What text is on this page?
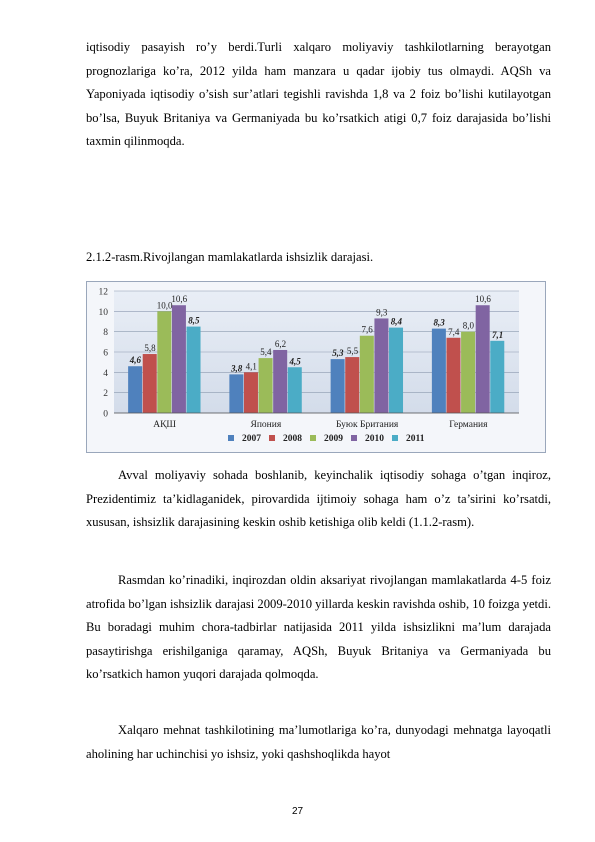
iqtisodiy pasayish ro’y berdi.Turli xalqaro moliyaviy tashkilotlarning berayotgan prognozlariga ko’ra, 2012 yilda ham manzara u qadar ijobiy tus olmaydi. AQSh va Yaponiyada iqtisodiy o’sish sur’atlari tegishli ravishda 1,8 va 2 foiz bo’lishi kutilayotgan bo’lsa, Buyuk Britaniya va Germaniyada bu ko’rsatkich atigi 0,7 foiz darajasida bo’lishi taxmin qilinmoqda.

2.1.2-rasm.Rivojlangan mamlakatlarda ishsizlik darajasi.

4,6
5,8
10,0
10,6
8,5
3,8 4,1
5,4
6,2
4,5
5,3 5,5
7,6
9,3
8,4	8,3
7,4
8,0
10,6
7,1
0
2
4
6
8
10
12
АҚШ	Япония	Буюк Британия	Германия
2007 2008 2009 2010 2011

Avval moliyaviy sohada boshlanib, keyinchalik iqtisodiy sohaga o’tgan inqiroz, Prezidentimiz ta’kidlaganidek, pirovardida ijtimoiy sohaga ham o’z ta’sirini ko’rsatdi, xususan, ishsizlik darajasining keskin oshib ketishiga olib keldi (1.1.2-rasm).

Rasmdan ko’rinadiki, inqirozdan oldin aksariyat rivojlangan mamlakatlarda 4-5 foiz atrofida bo’lgan ishsizlik darajasi 2009-2010 yillarda keskin ravishda oshib, 10 foizga yetdi. Bu boradagi muhim chora-tadbirlar natijasida 2011 yilda ishsizlikni ma’lum darajada pasaytirishga erishilganiga qaramay, AQSh, Buyuk Britaniya va Germaniyada bu ko’rsatkich hamon yuqori darajada qolmoqda.

Xalqaro mehnat tashkilotining ma’lumotlariga ko’ra, dunyodagi mehnatga layoqatli aholining har uchinchisi yo ishsiz, yoki qashshoqlikda hayot

27
